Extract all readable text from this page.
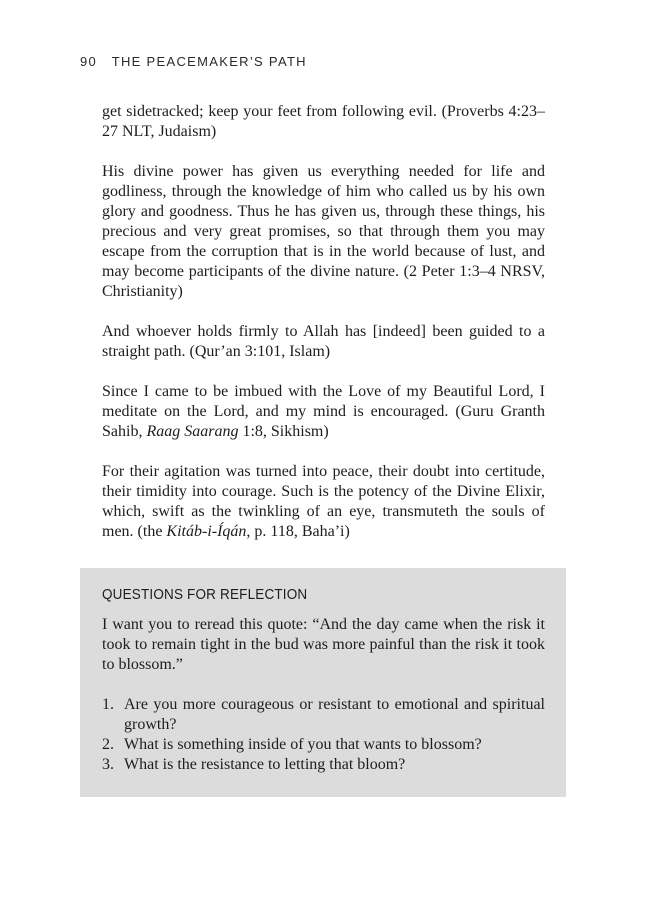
90 THE PEACEMAKER’S PATH

get sidetracked; keep your feet from following evil. (Proverbs 4:23–27 NLT, Judaism)

His divine power has given us everything needed for life and godliness, through the knowledge of him who called us by his own glory and goodness. Thus he has given us, through these things, his precious and very great promises, so that through them you may escape from the corruption that is in the world because of lust, and may become participants of the divine nature. (2 Peter 1:3–4 NRSV, Christianity)

And whoever holds firmly to Allah has [indeed] been guided to a straight path. (Qur’an 3:101, Islam)

Since I came to be imbued with the Love of my Beautiful Lord, I meditate on the Lord, and my mind is encouraged. (Guru Granth Sahib, Raag Saarang 1:8, Sikhism)

For their agitation was turned into peace, their doubt into certitude, their timidity into courage. Such is the potency of the Divine Elixir, which, swift as the twinkling of an eye, transmuteth the souls of men. (the Kitáb-i-Íqán, p. 118, Baha’i)

QUESTIONS FOR REFLECTION

I want you to reread this quote: “And the day came when the risk it took to remain tight in the bud was more painful than the risk it took to blossom.”

1. Are you more courageous or resistant to emotional and spiritual growth?
2. What is something inside of you that wants to blossom?
3. What is the resistance to letting that bloom?
